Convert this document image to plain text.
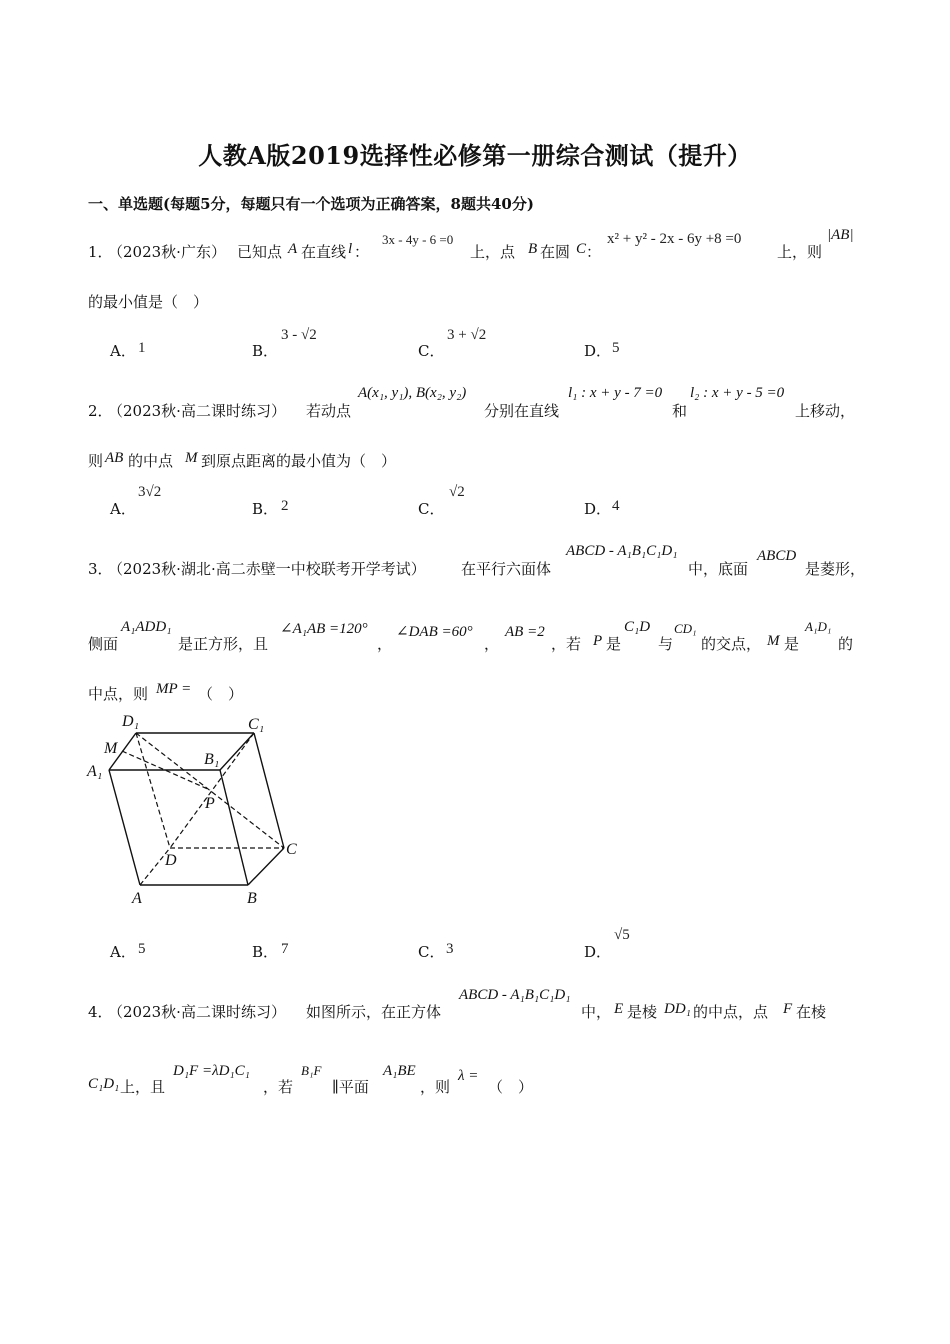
人教A版2019选择性必修第一册综合测试（提升）
一、单选题(每题5分，每题只有一个选项为正确答案，8题共40分)
1．
（2023秋·广东） 已知点 A 在直线 l ：
3x - 4y - 6 =0
上，点 B 在圆 C ：
x² + y² - 2x - 6y +8 =0
上，则
|AB|
的最小值是（　）
A． 1	B．
3 - √2
C．
3 + √2
D． 5
2．
（2023秋·高二课时练习） 若动点
A(x₁, y₁), B(x₂, y₂)
分别在直线
l₁ : x + y - 7 =0
和
l₂ : x + y - 5 =0
上移动，
则 AB 的中点 M 到原点距离的最小值为（　）
A．
3√2
B． 2	C．
√2
D． 4
3．
（2023秋·湖北·高二赤壁一中校联考开学考试） 在平行六面体
ABCD - A₁B₁C₁D₁
中，底面
ABCD
是菱形，
侧面
A₁ADD₁
是正方形，且
∠A₁AB =120°
，
∠DAB =60°
，
AB =2
，若 P 是
C₁D
与
CD₁
的交点， M 是
A₁D₁
的
中点，则 MP = （　）
D₁	C₁
M
A₁
B₁
P
D
C
A	B
A． 5	B． 7	C． 3	D．
√5
4．
（2023秋·高二课时练习） 如图所示，在正方体
ABCD - A₁B₁C₁D₁
中， E 是棱 DD₁ 的中点，点 F 在棱
C₁D₁ 上，且
D₁F =λD₁C₁
，若
B₁F
∥平面
A₁BE
，则
λ =
（　）
